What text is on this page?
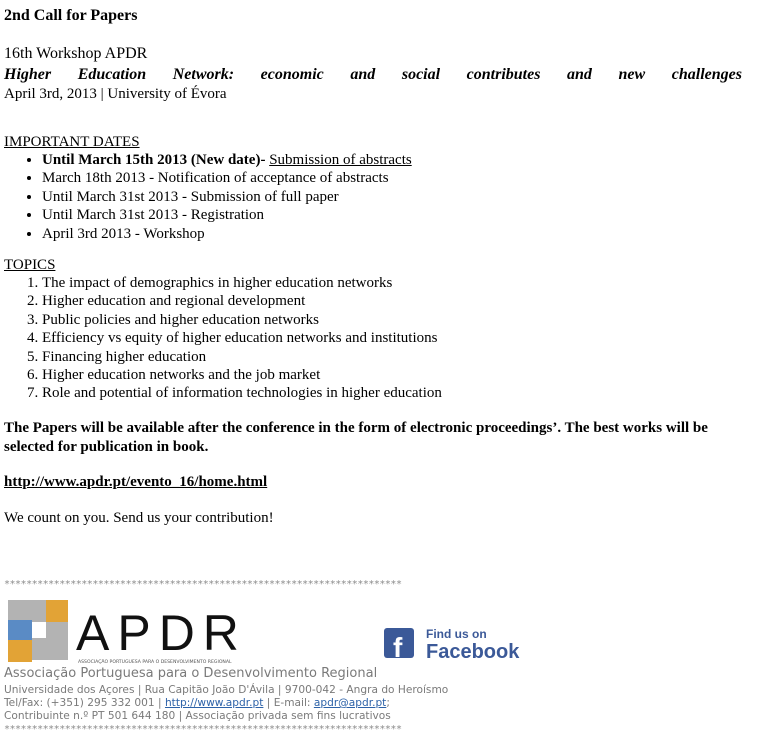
2nd Call for Papers
16th Workshop APDR
Higher Education Network: economic and social contributes and new challenges
April 3rd, 2013 | University of Évora
IMPORTANT DATES
• Until March 15th 2013 (New date)- Submission of abstracts
• March 18th 2013 - Notification of acceptance of abstracts
• Until March 31st 2013 - Submission of full paper
• Until March 31st 2013 - Registration
• April 3rd 2013 - Workshop
TOPICS
1. The impact of demographics in higher education networks
2. Higher education and regional development
3. Public policies and higher education networks
4. Efficiency vs equity of higher education networks and institutions
5. Financing higher education
6. Higher education networks and the job market
7. Role and potential of information technologies in higher education
The Papers will be available after the conference in the form of electronic proceedings’. The best works will be selected for publication in book.
http://www.apdr.pt/evento_16/home.html
We count on you. Send us your contribution!
************************************************************************
APDR
ASSOCIAÇÃO PORTUGUESA PARA O DESENVOLVIMENTO REGIONAL	f Find us on
Facebook
Associação Portuguesa para o Desenvolvimento Regional
Universidade dos Açores | Rua Capitão João D'Ávila | 9700-042 - Angra do Heroísmo
Tel/Fax: (+351) 295 332 001 | http://www.apdr.pt | E-mail: apdr@apdr.pt;
Contribuinte n.º PT 501 644 180 | Associação privada sem fins lucrativos
************************************************************************
